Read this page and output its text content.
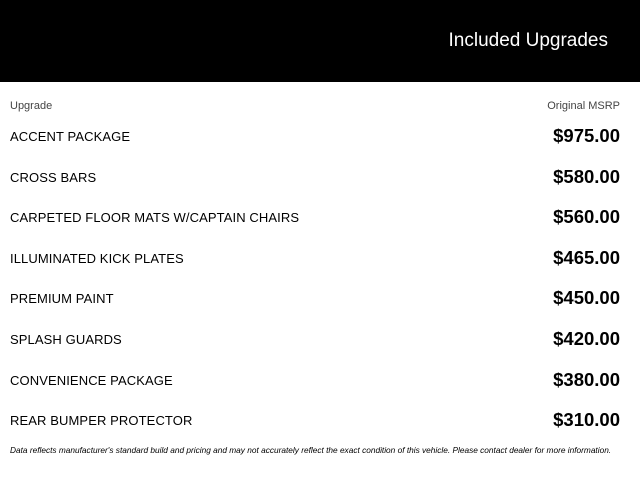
Included Upgrades
Upgrade	Original MSRP
ACCENT PACKAGE	$975.00
CROSS BARS	$580.00
CARPETED FLOOR MATS W/CAPTAIN CHAIRS	$560.00
ILLUMINATED KICK PLATES	$465.00
PREMIUM PAINT	$450.00
SPLASH GUARDS	$420.00
CONVENIENCE PACKAGE	$380.00
REAR BUMPER PROTECTOR	$310.00
Data reflects manufacturer's standard build and pricing and may not accurately reflect the exact condition of this vehicle. Please contact dealer for more information.
